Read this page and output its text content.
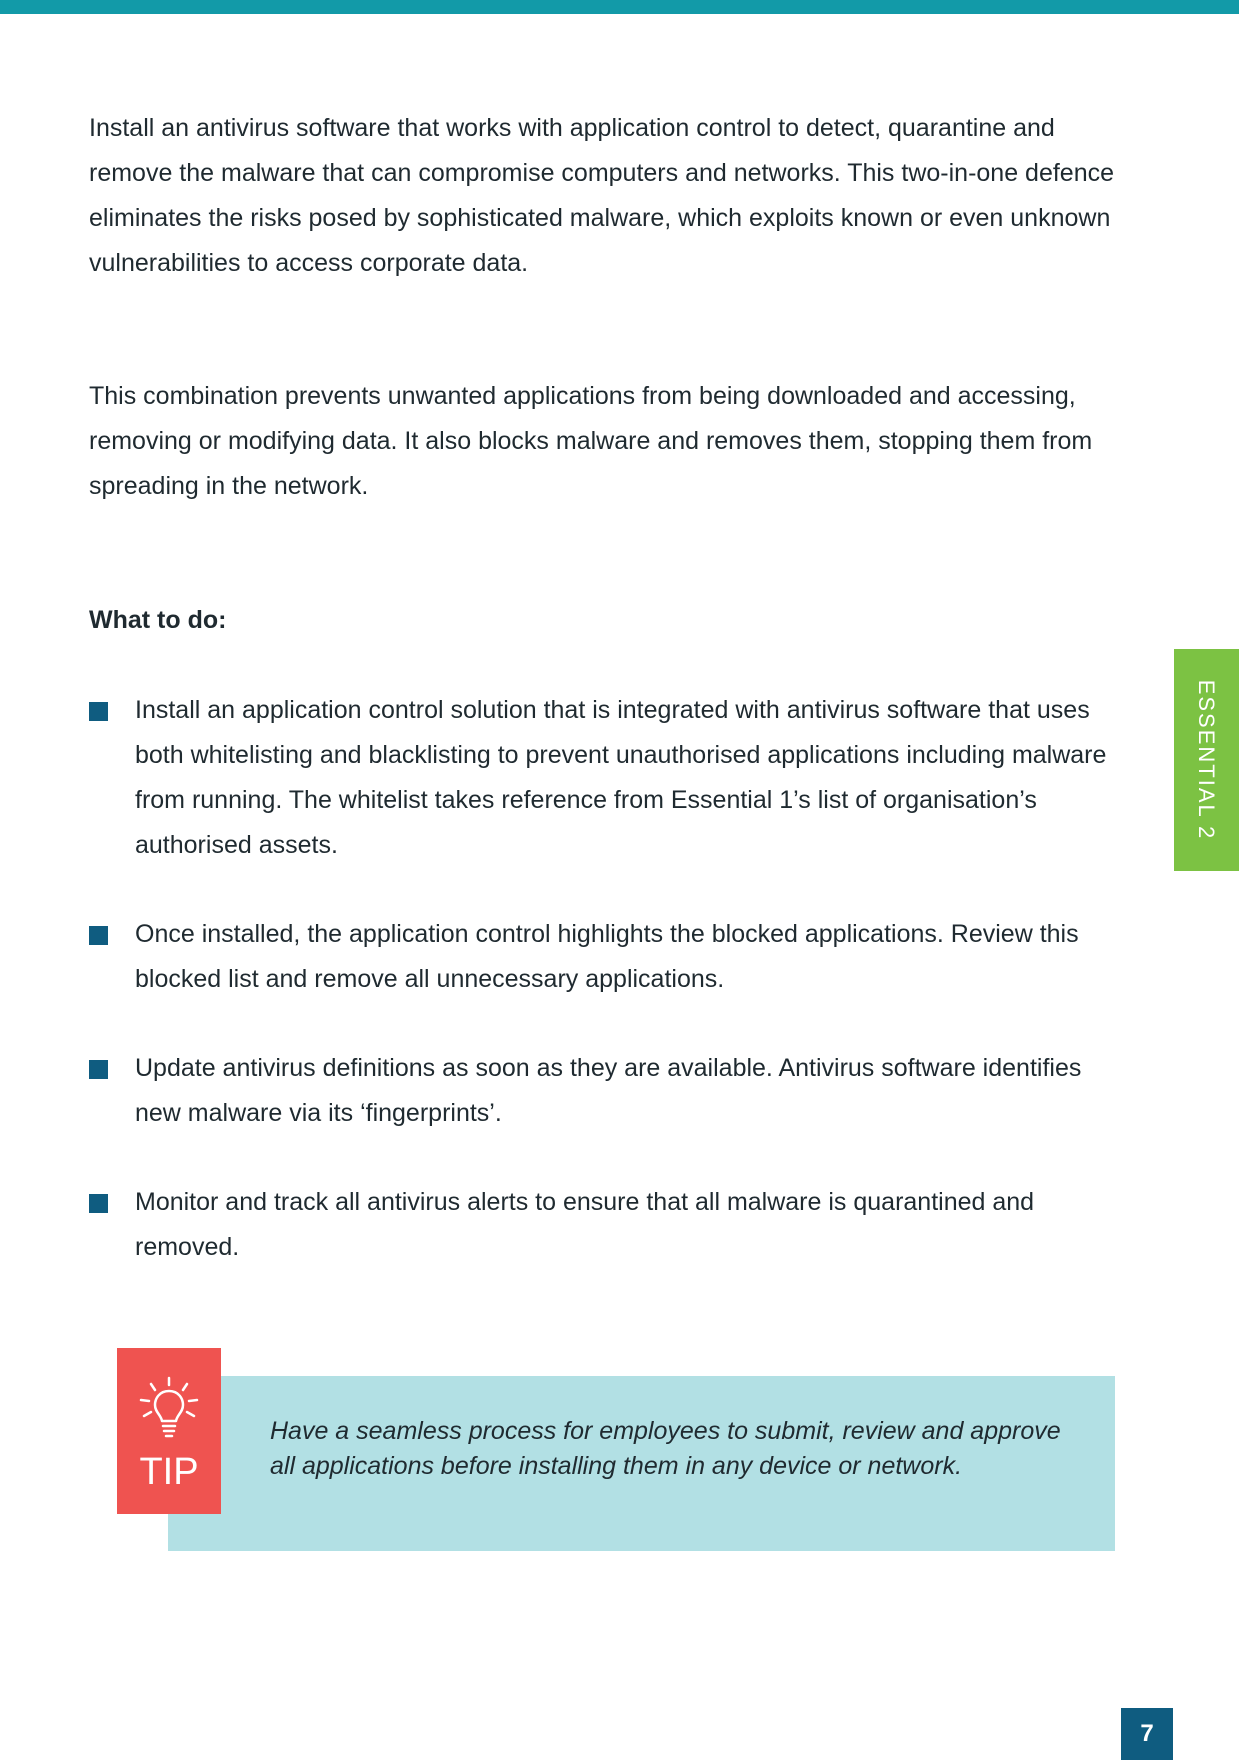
Install an antivirus software that works with application control to detect, quarantine and remove the malware that can compromise computers and networks. This two-in-one defence eliminates the risks posed by sophisticated malware, which exploits known or even unknown vulnerabilities to access corporate data.

This combination prevents unwanted applications from being downloaded and accessing, removing or modifying data. It also blocks malware and removes them, stopping them from spreading in the network.

What to do:
Install an application control solution that is integrated with antivirus software that uses both whitelisting and blacklisting to prevent unauthorised applications including malware from running. The whitelist takes reference from Essential 1’s list of organisation’s authorised assets.
Once installed, the application control highlights the blocked applications. Review this blocked list and remove all unnecessary applications.
Update antivirus definitions as soon as they are available. Antivirus software identifies new malware via its ‘fingerprints’.
Monitor and track all antivirus alerts to ensure that all malware is quarantined and removed.
ESSENTIAL 2

Have a seamless process for employees to submit, review and approve all applications before installing them in any device or network.

TIP
7
